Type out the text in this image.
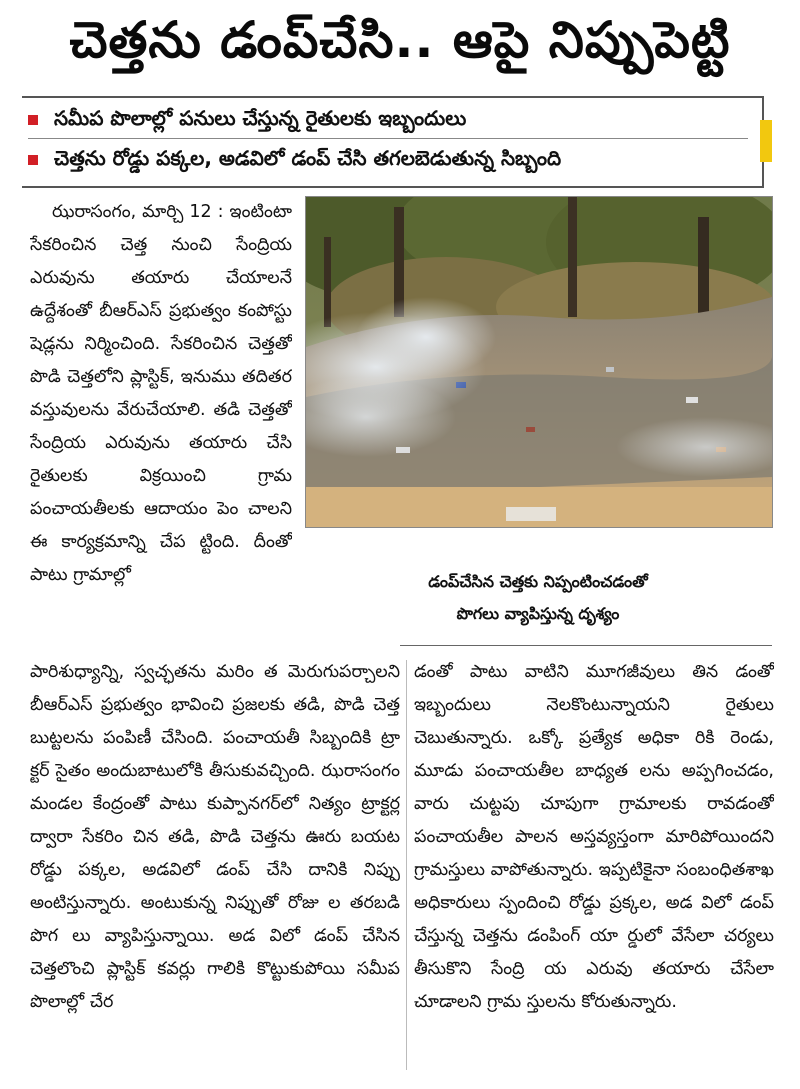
చెత్తను డంప్‌చేసి.. ఆపై నిప్పుపెట్టి
సమీప పొలాల్లో పనులు చేస్తున్న రైతులకు ఇబ్బందులు
చెత్తను రోడ్డు పక్కల, అడవిలో డంప్ చేసి తగలబెడుతున్న సిబ్బంది

ఝరాసంగం, మార్చి 12 : ఇంటింటా సేకరించిన చెత్త నుంచి సేంద్రియ ఎరువును తయారు చేయాలనే ఉద్దేశంతో బీఆర్ఎస్ ప్రభుత్వం కంపోస్టు షెడ్లను నిర్మించింది. సేకరించిన చెత్తతో పొడి చెత్తలోని ప్లాస్టిక్, ఇనుము తదితర వస్తువులను వేరుచేయాలి. తడి చెత్తతో సేంద్రియ ఎరువును తయారు చేసి రైతులకు విక్రయించి గ్రామ పంచాయతీలకు ఆదాయం పెం చాలని ఈ కార్యక్రమాన్ని చేప ట్టింది. దీంతో పాటు గ్రామాల్లో	డంప్‌చేసిన చెత్తకు నిప్పంటించడంతో
పొగలు వ్యాపిస్తున్న దృశ్యం

పారిశుధ్యాన్ని, స్వచ్ఛతను మరిం త మెరుగుపర్చాలని బీఆర్ఎస్ ప్రభుత్వం భావించి ప్రజలకు తడి, పొడి చెత్త బుట్టలను పంపిణీ చేసింది. పంచాయతీ సిబ్బందికి ట్రా క్టర్ సైతం అందుబాటులోకి తీసుకువచ్చింది. ఝరాసంగం మండల కేంద్రంతో పాటు కుప్పానగర్‌లో నిత్యం ట్రాక్టర్ల ద్వారా సేకరిం చిన తడి, పొడి చెత్తను ఊరు బయట రోడ్డు పక్కల, అడవిలో డంప్ చేసి దానికి నిప్పు అంటిస్తున్నారు. అంటుకున్న నిప్పుతో రోజు ల తరబడి పొగ లు వ్యాపిస్తున్నాయి. అడ విలో డంప్ చేసిన చెత్తలొంచి ప్లాస్టిక్ కవర్లు గాలికి కొట్టుకుపోయి సమీప పొలాల్లో చేర

డంతో పాటు వాటిని మూగజీవులు తిన డంతో ఇబ్బందులు నెలకొంటున్నాయని రైతులు చెబుతున్నారు. ఒక్కో ప్రత్యేక అధికా రికి రెండు, మూడు పంచాయతీల బాధ్యత లను అప్పగించడం, వారు చుట్టపు చూపుగా గ్రామాలకు రావడంతో పంచాయతీల పాలన అస్తవ్యస్తంగా మారిపోయిందని గ్రామస్తులు వాపోతున్నారు. ఇప్పటికైనా సంబంధితశాఖ అధికారులు స్పందించి రోడ్డు ప్రక్కల, అడ విలో డంప్ చేస్తున్న చెత్తను డంపింగ్ యా ర్డులో వేసేలా చర్యలు తీసుకొని సేంద్రి య ఎరువు తయారు చేసేలా చూడాలని గ్రామ స్తులను కోరుతున్నారు.
